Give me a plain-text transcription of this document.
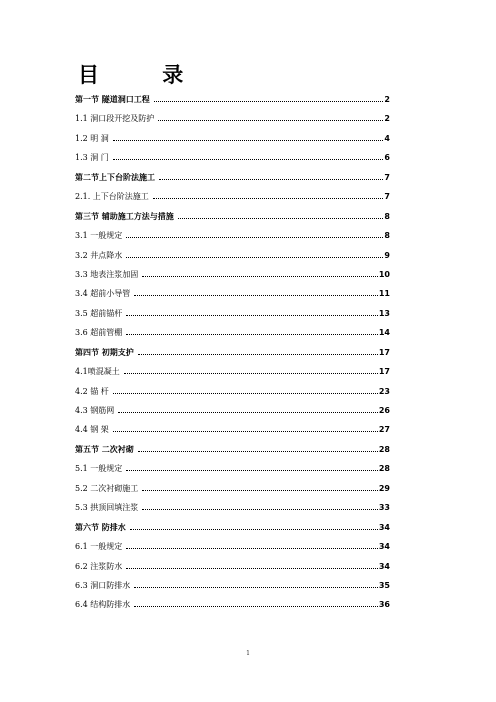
目 录
第一节 隧道洞口工程	2
1.1 洞口段开挖及防护	2
1.2 明 洞	4
1.3 洞 门	6
第二节上下台阶法施工	7
2.1. 上下台阶法施工	7
第三节 辅助施工方法与措施	8
3.1 一般规定	8
3.2 井点降水	9
3.3 地表注浆加固	10
3.4 超前小导管	11
3.5 超前锚杆	13
3.6 超前管棚	14
第四节 初期支护	17
4.1喷混凝土	17
4.2 锚 杆	23
4.3 钢筋网	26
4.4 钢 架	27
第五节 二次衬砌	28
5.1 一般规定	28
5.2 二次衬砌施工	29
5.3 拱顶回填注浆	33
第六节 防排水	34
6.1 一般规定	34
6.2 注浆防水	34
6.3 洞口防排水	35
6.4 结构防排水	36
1
